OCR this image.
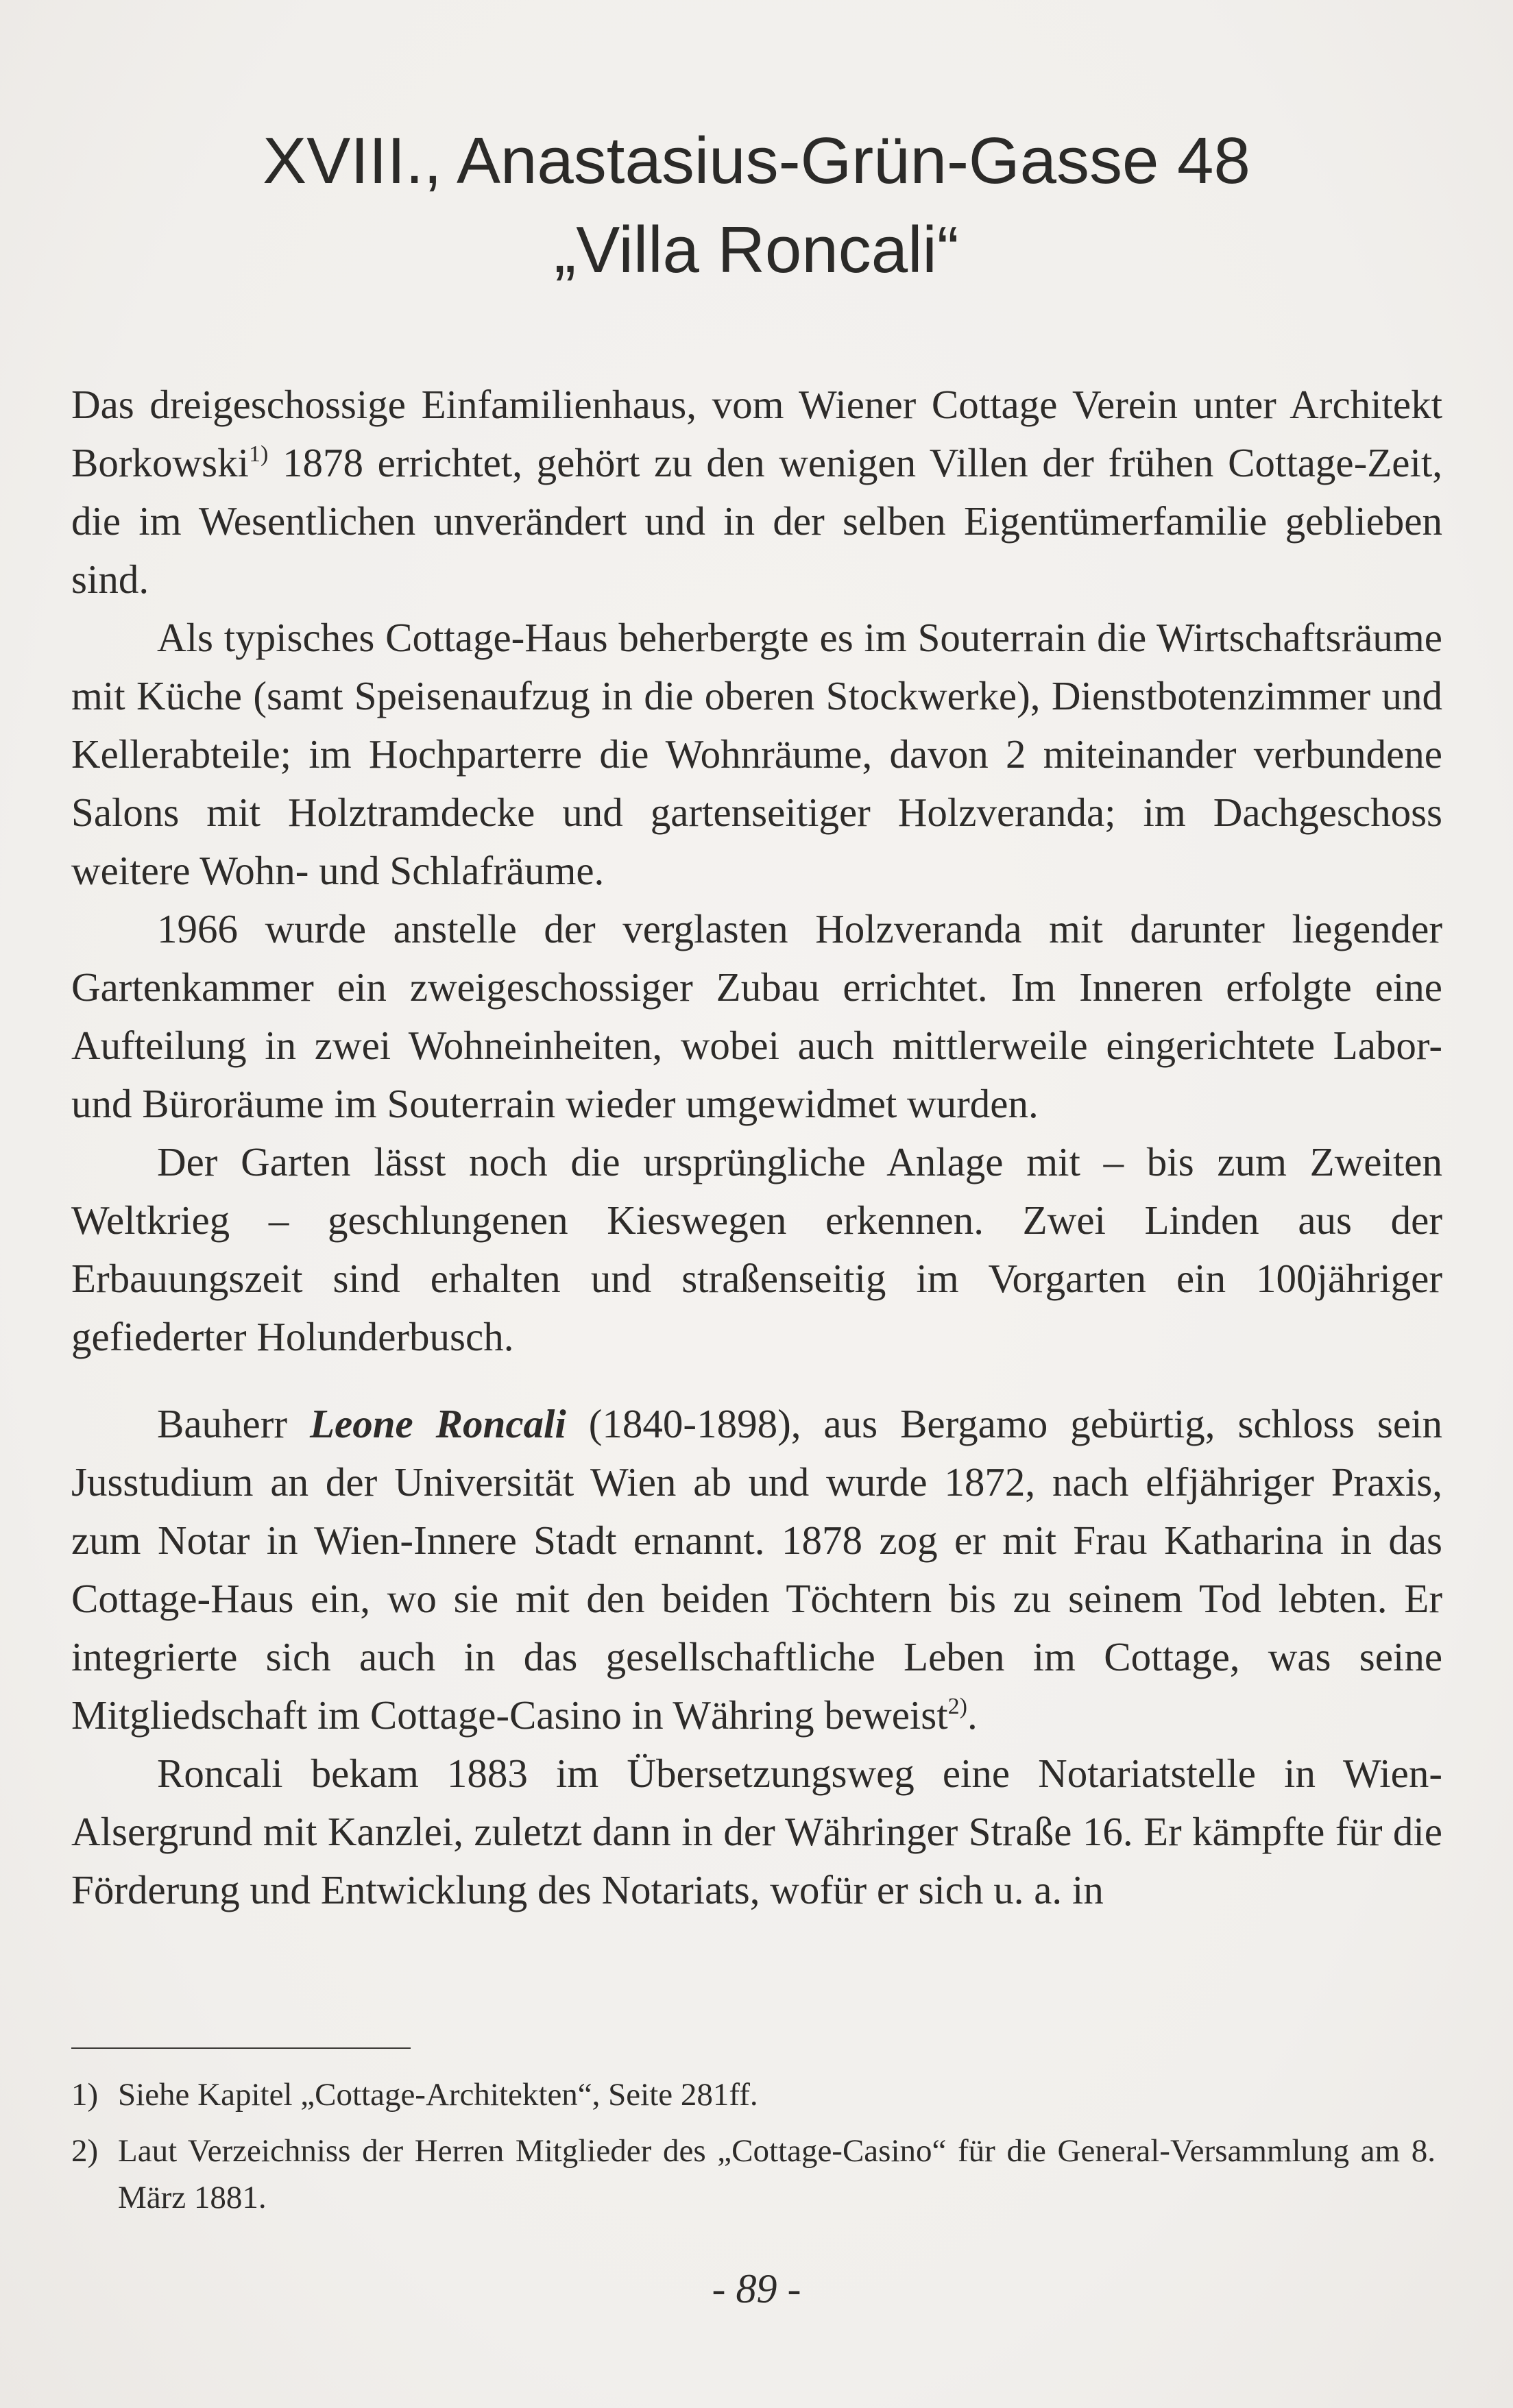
XVIII., Anastasius-Grün-Gasse 48
„Villa Roncali“

Das dreigeschossige Einfamilienhaus, vom Wiener Cottage Verein unter Architekt Borkowski$^{1)}$ 1878 errichtet, gehört zu den wenigen Villen der frühen Cottage-Zeit, die im Wesentlichen unverändert und in der selben Eigentümerfamilie geblieben sind.

Als typisches Cottage-Haus beherbergte es im Souterrain die Wirtschaftsräume mit Küche (samt Speisenaufzug in die oberen Stockwerke), Dienstbotenzimmer und Kellerabteile; im Hochparterre die Wohnräume, davon 2 miteinander verbundene Salons mit Holztramdecke und gartenseitiger Holzveranda; im Dachgeschoss weitere Wohn- und Schlafräume.

1966 wurde anstelle der verglasten Holzveranda mit darunter liegender Gartenkammer ein zweigeschossiger Zubau errichtet. Im Inneren erfolgte eine Aufteilung in zwei Wohneinheiten, wobei auch mittlerweile eingerichtete Labor- und Büroräume im Souterrain wieder umgewidmet wurden.

Der Garten lässt noch die ursprüngliche Anlage mit – bis zum Zweiten Weltkrieg – geschlungenen Kieswegen erkennen. Zwei Linden aus der Erbauungszeit sind erhalten und straßenseitig im Vorgarten ein 100jähriger gefiederter Holunderbusch.

Bauherr Leone Roncali (1840-1898), aus Bergamo gebürtig, schloss sein Jusstudium an der Universität Wien ab und wurde 1872, nach elfjähriger Praxis, zum Notar in Wien-Innere Stadt ernannt. 1878 zog er mit Frau Katharina in das Cottage-Haus ein, wo sie mit den beiden Töchtern bis zu seinem Tod lebten. Er integrierte sich auch in das gesellschaftliche Leben im Cottage, was seine Mitgliedschaft im Cottage-Casino in Währing beweist$^{2)}$.

Roncali bekam 1883 im Übersetzungsweg eine Notariatstelle in Wien-Alsergrund mit Kanzlei, zuletzt dann in der Währinger Straße 16. Er kämpfte für die Förderung und Entwicklung des Notariats, wofür er sich u. a. in

1) Siehe Kapitel „Cottage-Architekten“, Seite 281ff.
2) Laut Verzeichniss der Herren Mitglieder des „Cottage-Casino“ für die General-Versammlung am 8. März 1881.
- 89 -
